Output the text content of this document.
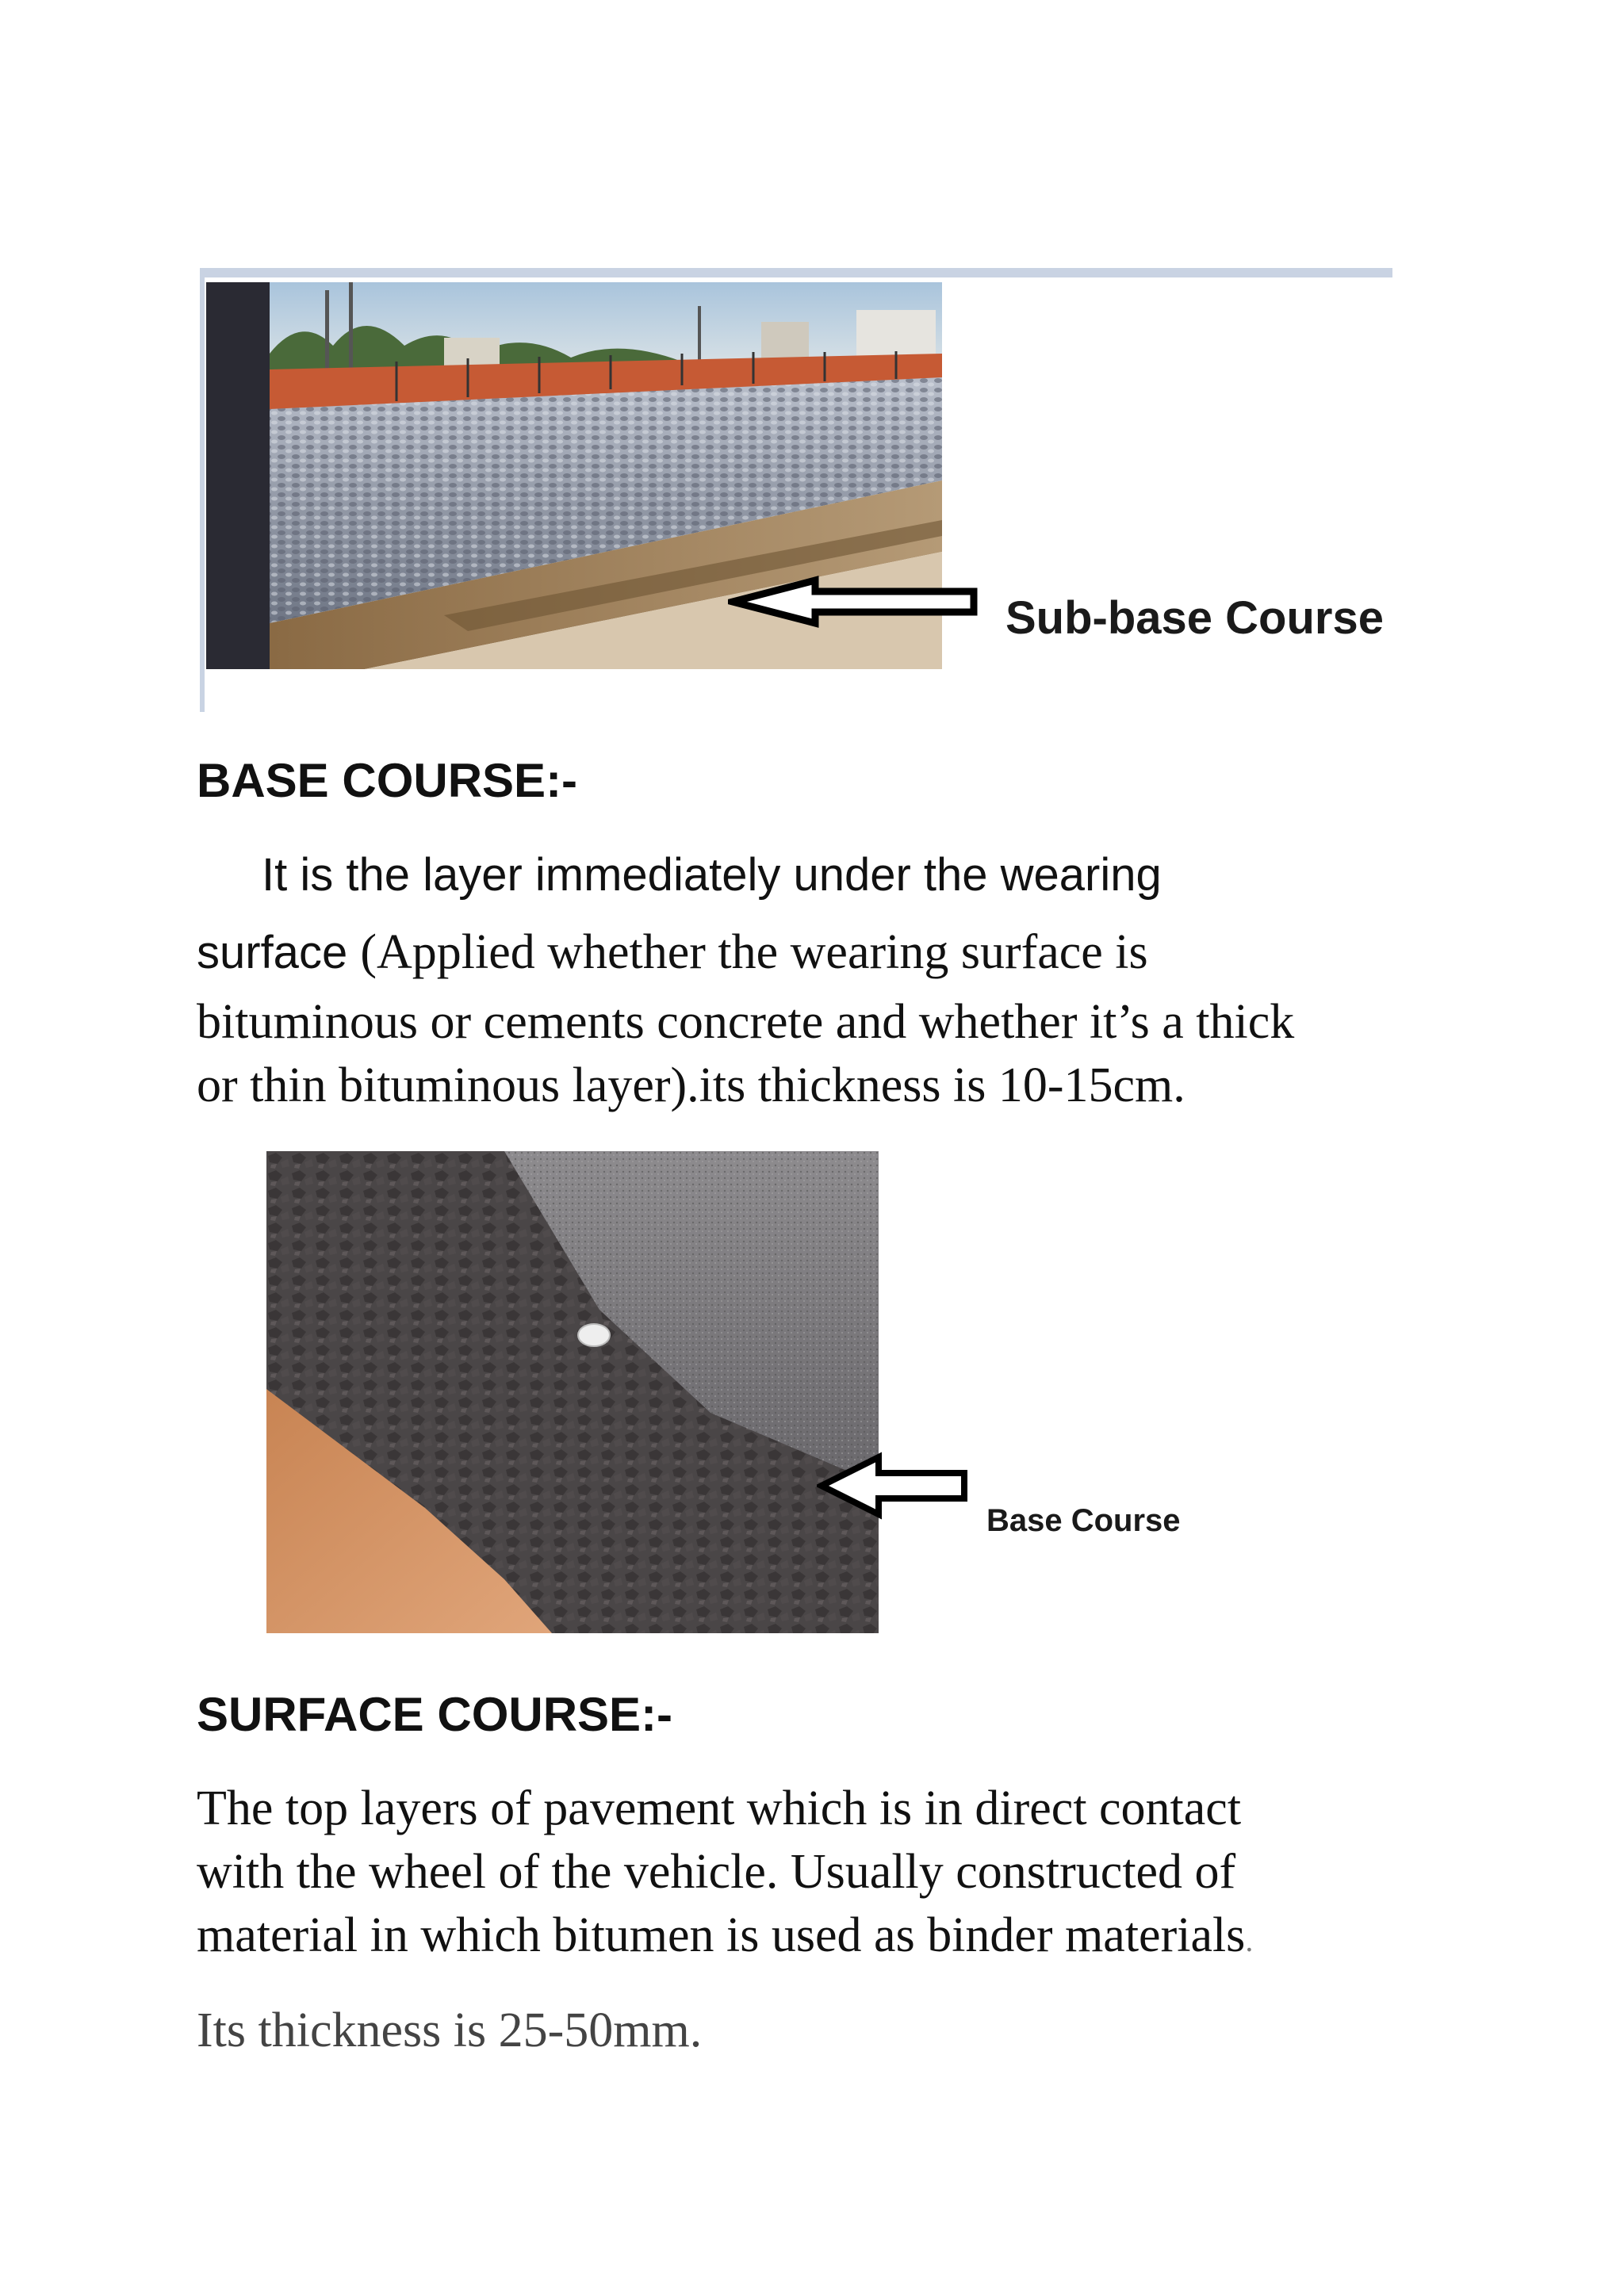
Sub-base Course
BASE COURSE:-
It is the layer immediately under the wearing
surface (Applied whether the wearing surface is
bituminous or cements concrete and whether it’s a thick
or thin bituminous layer).its thickness is 10-15cm.
Base Course
SURFACE COURSE:-
The top layers of pavement which is in direct contact
with the wheel of the vehicle. Usually constructed of
material in which bitumen is used as binder materials.
Its thickness is 25-50mm.
